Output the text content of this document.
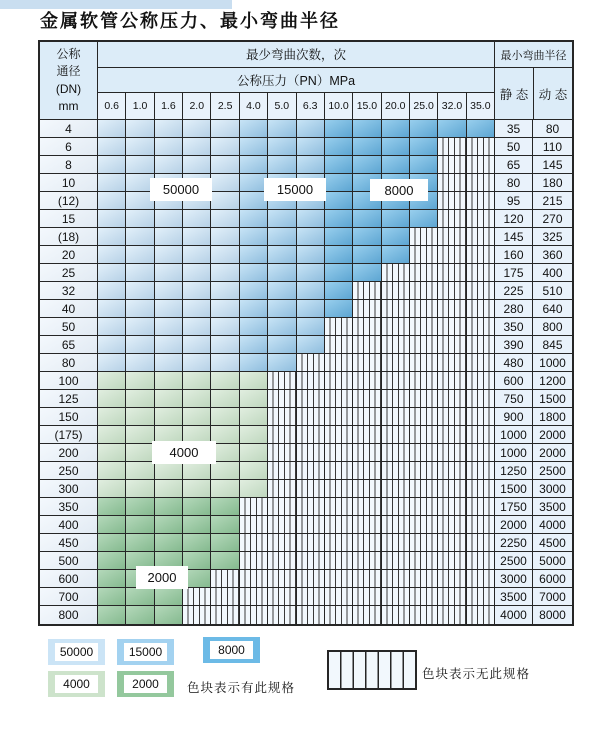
金属软管公称压力、最小弯曲半径
公称
通径
(DN)
mm
最少弯曲次数，次
公称压力（PN）MPa
0.6	1.0	1.6	2.0	2.5	4.0	5.0	6.3	10.0 15.0 20.0 25.0 32.0 35.0
最小弯曲半径
静 态 动 态
4	35	80
6	50	110
8	65	145
10	80	180
(12)	95	215
15	120	270
(18)	145	325
20	160	360
25	175	400
32	225	510
40	280	640
50	350	800
65	390	845
80	480	1000
100	600	1200
125	750	1500
150	900	1800
(175)	1000	2000
200	1000	2000
250	1250	2500
300	1500	3000
350	1750	3500
400	2000	4000
450	2250	4500
500	2500	5000
600	3000	6000
700	3500	7000
800	4000	8000
50000	15000	8000
4000
2000
50000	15000	8000
4000	2000	色块表示有此规格
色块表示无此规格
